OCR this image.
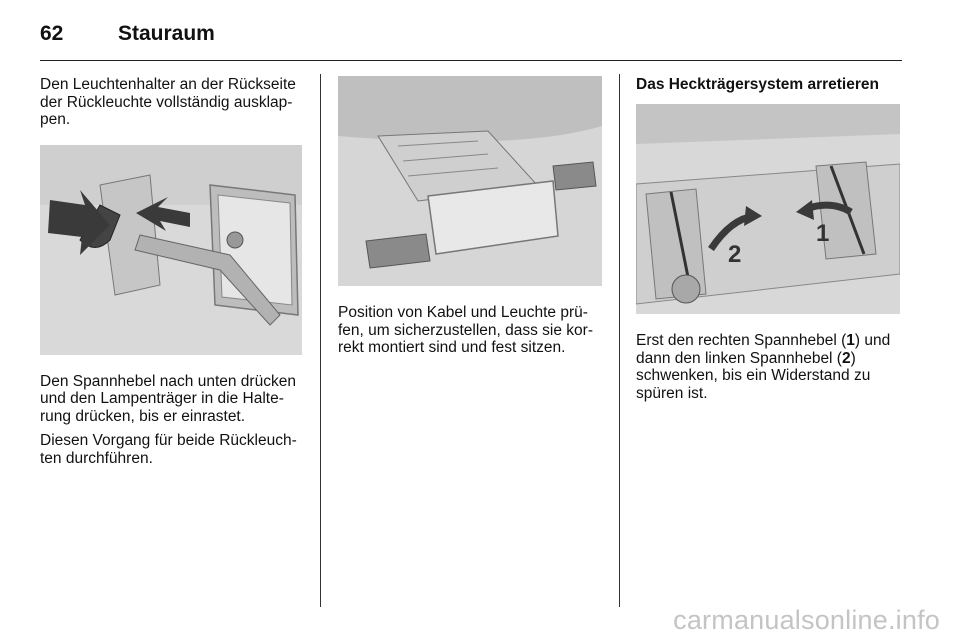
62	Stauraum

Den Leuchtenhalter an der Rückseite der Rückleuchte vollständig ausklap-pen.

Den Spannhebel nach unten drücken und den Lampenträger in die Halte-rung drücken, bis er einrastet.

Diesen Vorgang für beide Rückleuch-ten durchführen.

Position von Kabel und Leuchte prü-fen, um sicherzustellen, dass sie kor-rekt montiert sind und fest sitzen.

Das Heckträgersystem arretieren
1
2

Erst den rechten Spannhebel (1) und dann den linken Spannhebel (2) schwenken, bis ein Widerstand zu spüren ist.

carmanualsonline.info
